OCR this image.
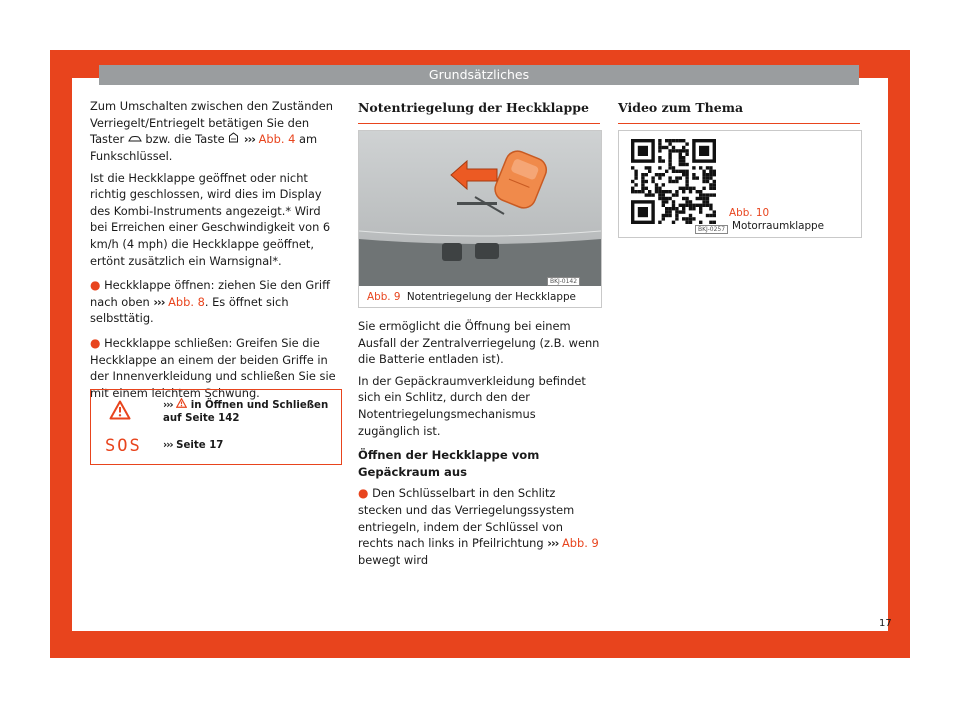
Grundsätzliches

Zum Umschalten zwischen den Zuständen Verriegelt/Entriegelt betätigen Sie den Taster bzw. die Taste ››› Abb. 4 am Funkschlüssel.

Ist die Heckklappe geöffnet oder nicht richtig geschlossen, wird dies im Display des Kombi-Instruments angezeigt.* Wird bei Erreichen einer Geschwindigkeit von 6 km/h (4 mph) die Heckklappe geöffnet, ertönt zusätzlich ein Warnsignal*.

● Heckklappe öffnen: ziehen Sie den Griff nach oben ››› Abb. 8. Es öffnet sich selbsttätig.

● Heckklappe schließen: Greifen Sie die Heckklappe an einem der beiden Griffe in der Innenverkleidung und schließen Sie sie mit einem leichtem Schwung.

››› in Öffnen und Schließen auf Seite 142
SOS ››› Seite 17
Notentriegelung der Heckklappe
BKJ-0142
Abb. 9 Notentriegelung der Heckklappe

Sie ermöglicht die Öffnung bei einem Ausfall der Zentralverriegelung (z.B. wenn die Batterie entladen ist).

In der Gepäckraumverkleidung befindet sich ein Schlitz, durch den der Notentriegelungsmechanismus zugänglich ist.

Öffnen der Heckklappe vom Gepäckraum aus

● Den Schlüsselbart in den Schlitz stecken und das Verriegelungssystem entriegeln, indem der Schlüssel von rechts nach links in Pfeilrichtung ››› Abb. 9 bewegt wird

Video zum Thema
BKJ-0257
Abb. 10 Motorraumklappe
17
